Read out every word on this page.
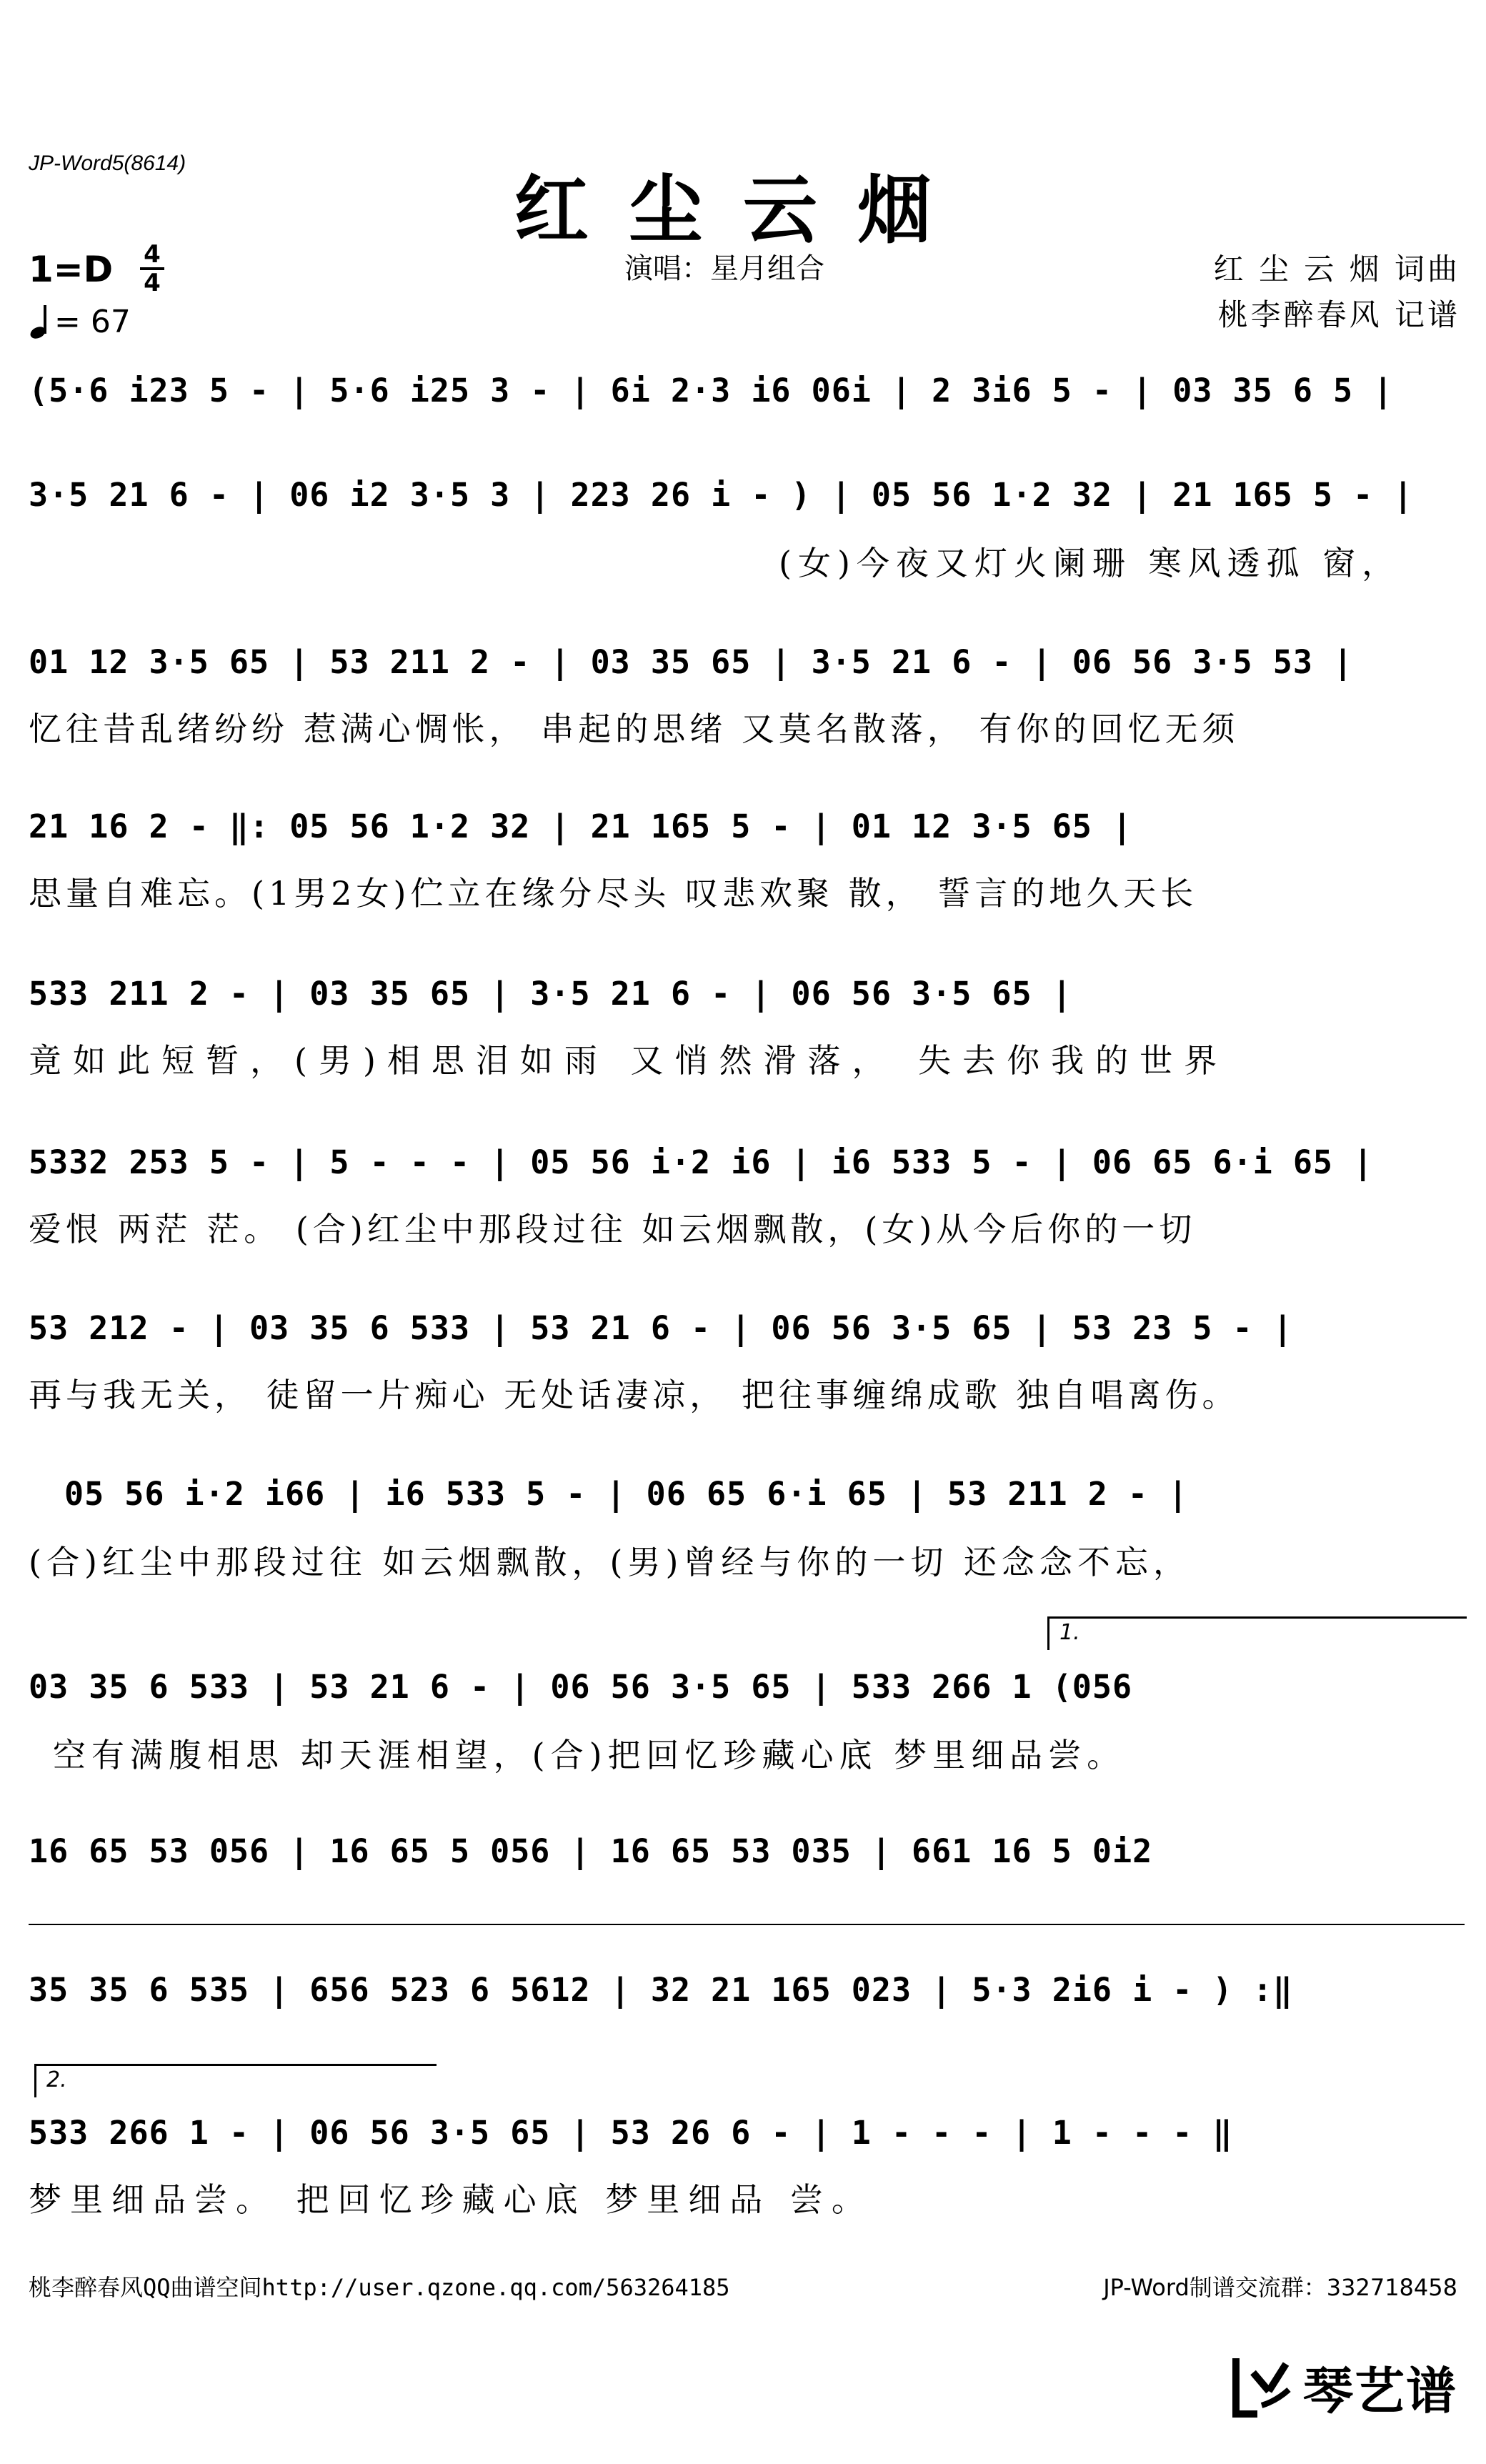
JP-Word5(8614)
红尘云烟
1=D 4
4
= 67
演唱：星月组合	红 尘 云 烟 词曲
桃李醉春风 记谱
(5·6 i23 5 - | 5·6 i25 3 - | 6i 2·3 i6 06i | 2 3i6 5 - | 03 35 6 5 |
3·5 21 6 - | 06 i2 3·5 3 | 223 26 i - ) | 05 56 1·2 32 | 21 165 5 - |
(女)今夜又灯火阑珊 寒风透孤 窗，
01 12 3·5 65 | 53 211 2 - | 03 35 65 | 3·5 21 6 - | 06 56 3·5 53 |
忆往昔乱绪纷纷 惹满心惆怅， 串起的思绪 又莫名散落， 有你的回忆无须
21 16 2 - ‖: 05 56 1·2 32 | 21 165 5 - | 01 12 3·5 65 |
思量自难忘。(1男2女)伫立在缘分尽头 叹悲欢聚 散， 誓言的地久天长
533 211 2 - | 03 35 65 | 3·5 21 6 - | 06 56 3·5 65 |
竟如此短暂，(男)相思泪如雨 又悄然滑落， 失去你我的世界
5332 253 5 - | 5 - - - | 05 56 i·2 i6 | i6 533 5 - | 06 65 6·i 65 |
爱恨 两茫 茫。 (合)红尘中那段过往 如云烟飘散，(女)从今后你的一切
53 212 - | 03 35 6 533 | 53 21 6 - | 06 56 3·5 65 | 53 23 5 - |
再与我无关， 徒留一片痴心 无处话凄凉， 把往事缠绵成歌 独自唱离伤。
05 56 i·2 i66 | i6 533 5 - | 06 65 6·i 65 | 53 211 2 - |
(合)红尘中那段过往 如云烟飘散，(男)曾经与你的一切 还念念不忘，
1.
03 35 6 533 | 53 21 6 - | 06 56 3·5 65 | 533 266 1 (056
空有满腹相思 却天涯相望，(合)把回忆珍藏心底 梦里细品尝。
16 65 53 056 | 16 65 5 056 | 16 65 53 035 | 661 16 5 0i2
35 35 6 535 | 656 523 6 5612 | 32 21 165 023 | 5·3 2i6 i - ) :‖
2.
533 266 1 - | 06 56 3·5 65 | 53 26 6 - | 1 - - - | 1 - - - ‖
梦里细品尝。 把回忆珍藏心底 梦里细品 尝。
桃李醉春风QQ曲谱空间http://user.qzone.qq.com/563264185	JP-Word制谱交流群：332718458
琴艺谱
